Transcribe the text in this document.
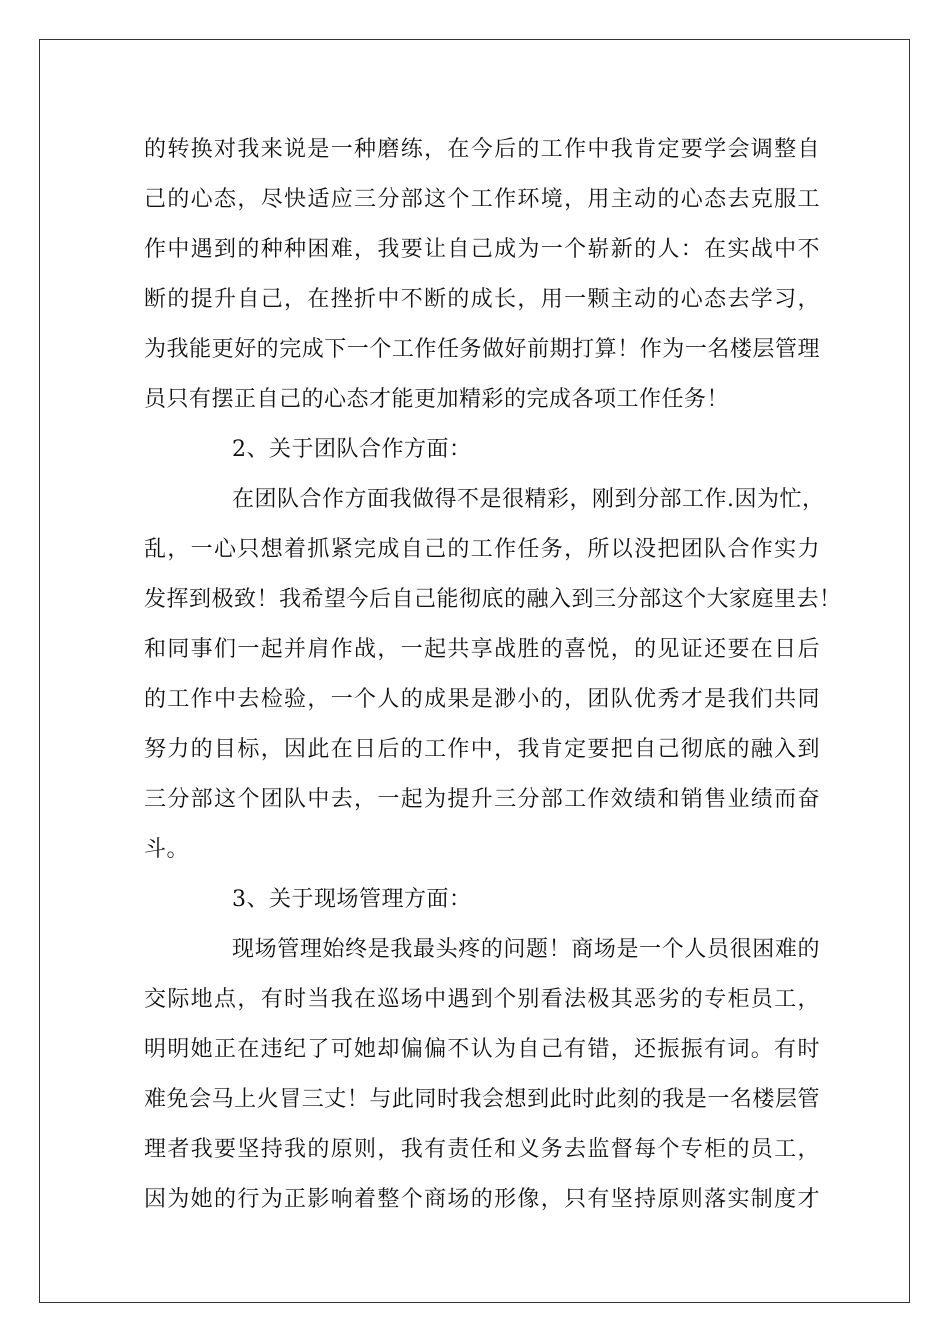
的转换对我来说是一种磨练，在今后的工作中我肯定要学会调整自
己的心态，尽快适应三分部这个工作环境，用主动的心态去克服工
作中遇到的种种困难，我要让自己成为一个崭新的人：在实战中不
断的提升自己，在挫折中不断的成长，用一颗主动的心态去学习，
为我能更好的完成下一个工作任务做好前期打算！作为一名楼层管理
员只有摆正自己的心态才能更加精彩的完成各项工作任务！
2、关于团队合作方面：
在团队合作方面我做得不是很精彩，刚到分部工作.因为忙，
乱，一心只想着抓紧完成自己的工作任务，所以没把团队合作实力
发挥到极致！我希望今后自己能彻底的融入到三分部这个大家庭里去！
和同事们一起并肩作战，一起共享战胜的喜悦，的见证还要在日后
的工作中去检验，一个人的成果是渺小的，团队优秀才是我们共同
努力的目标，因此在日后的工作中，我肯定要把自己彻底的融入到
三分部这个团队中去，一起为提升三分部工作效绩和销售业绩而奋
斗。
3、关于现场管理方面：
现场管理始终是我最头疼的问题！商场是一个人员很困难的
交际地点，有时当我在巡场中遇到个别看法极其恶劣的专柜员工，
明明她正在违纪了可她却偏偏不认为自己有错，还振振有词。有时
难免会马上火冒三丈！与此同时我会想到此时此刻的我是一名楼层管
理者我要坚持我的原则，我有责任和义务去监督每个专柜的员工，
因为她的行为正影响着整个商场的形像，只有坚持原则落实制度才
